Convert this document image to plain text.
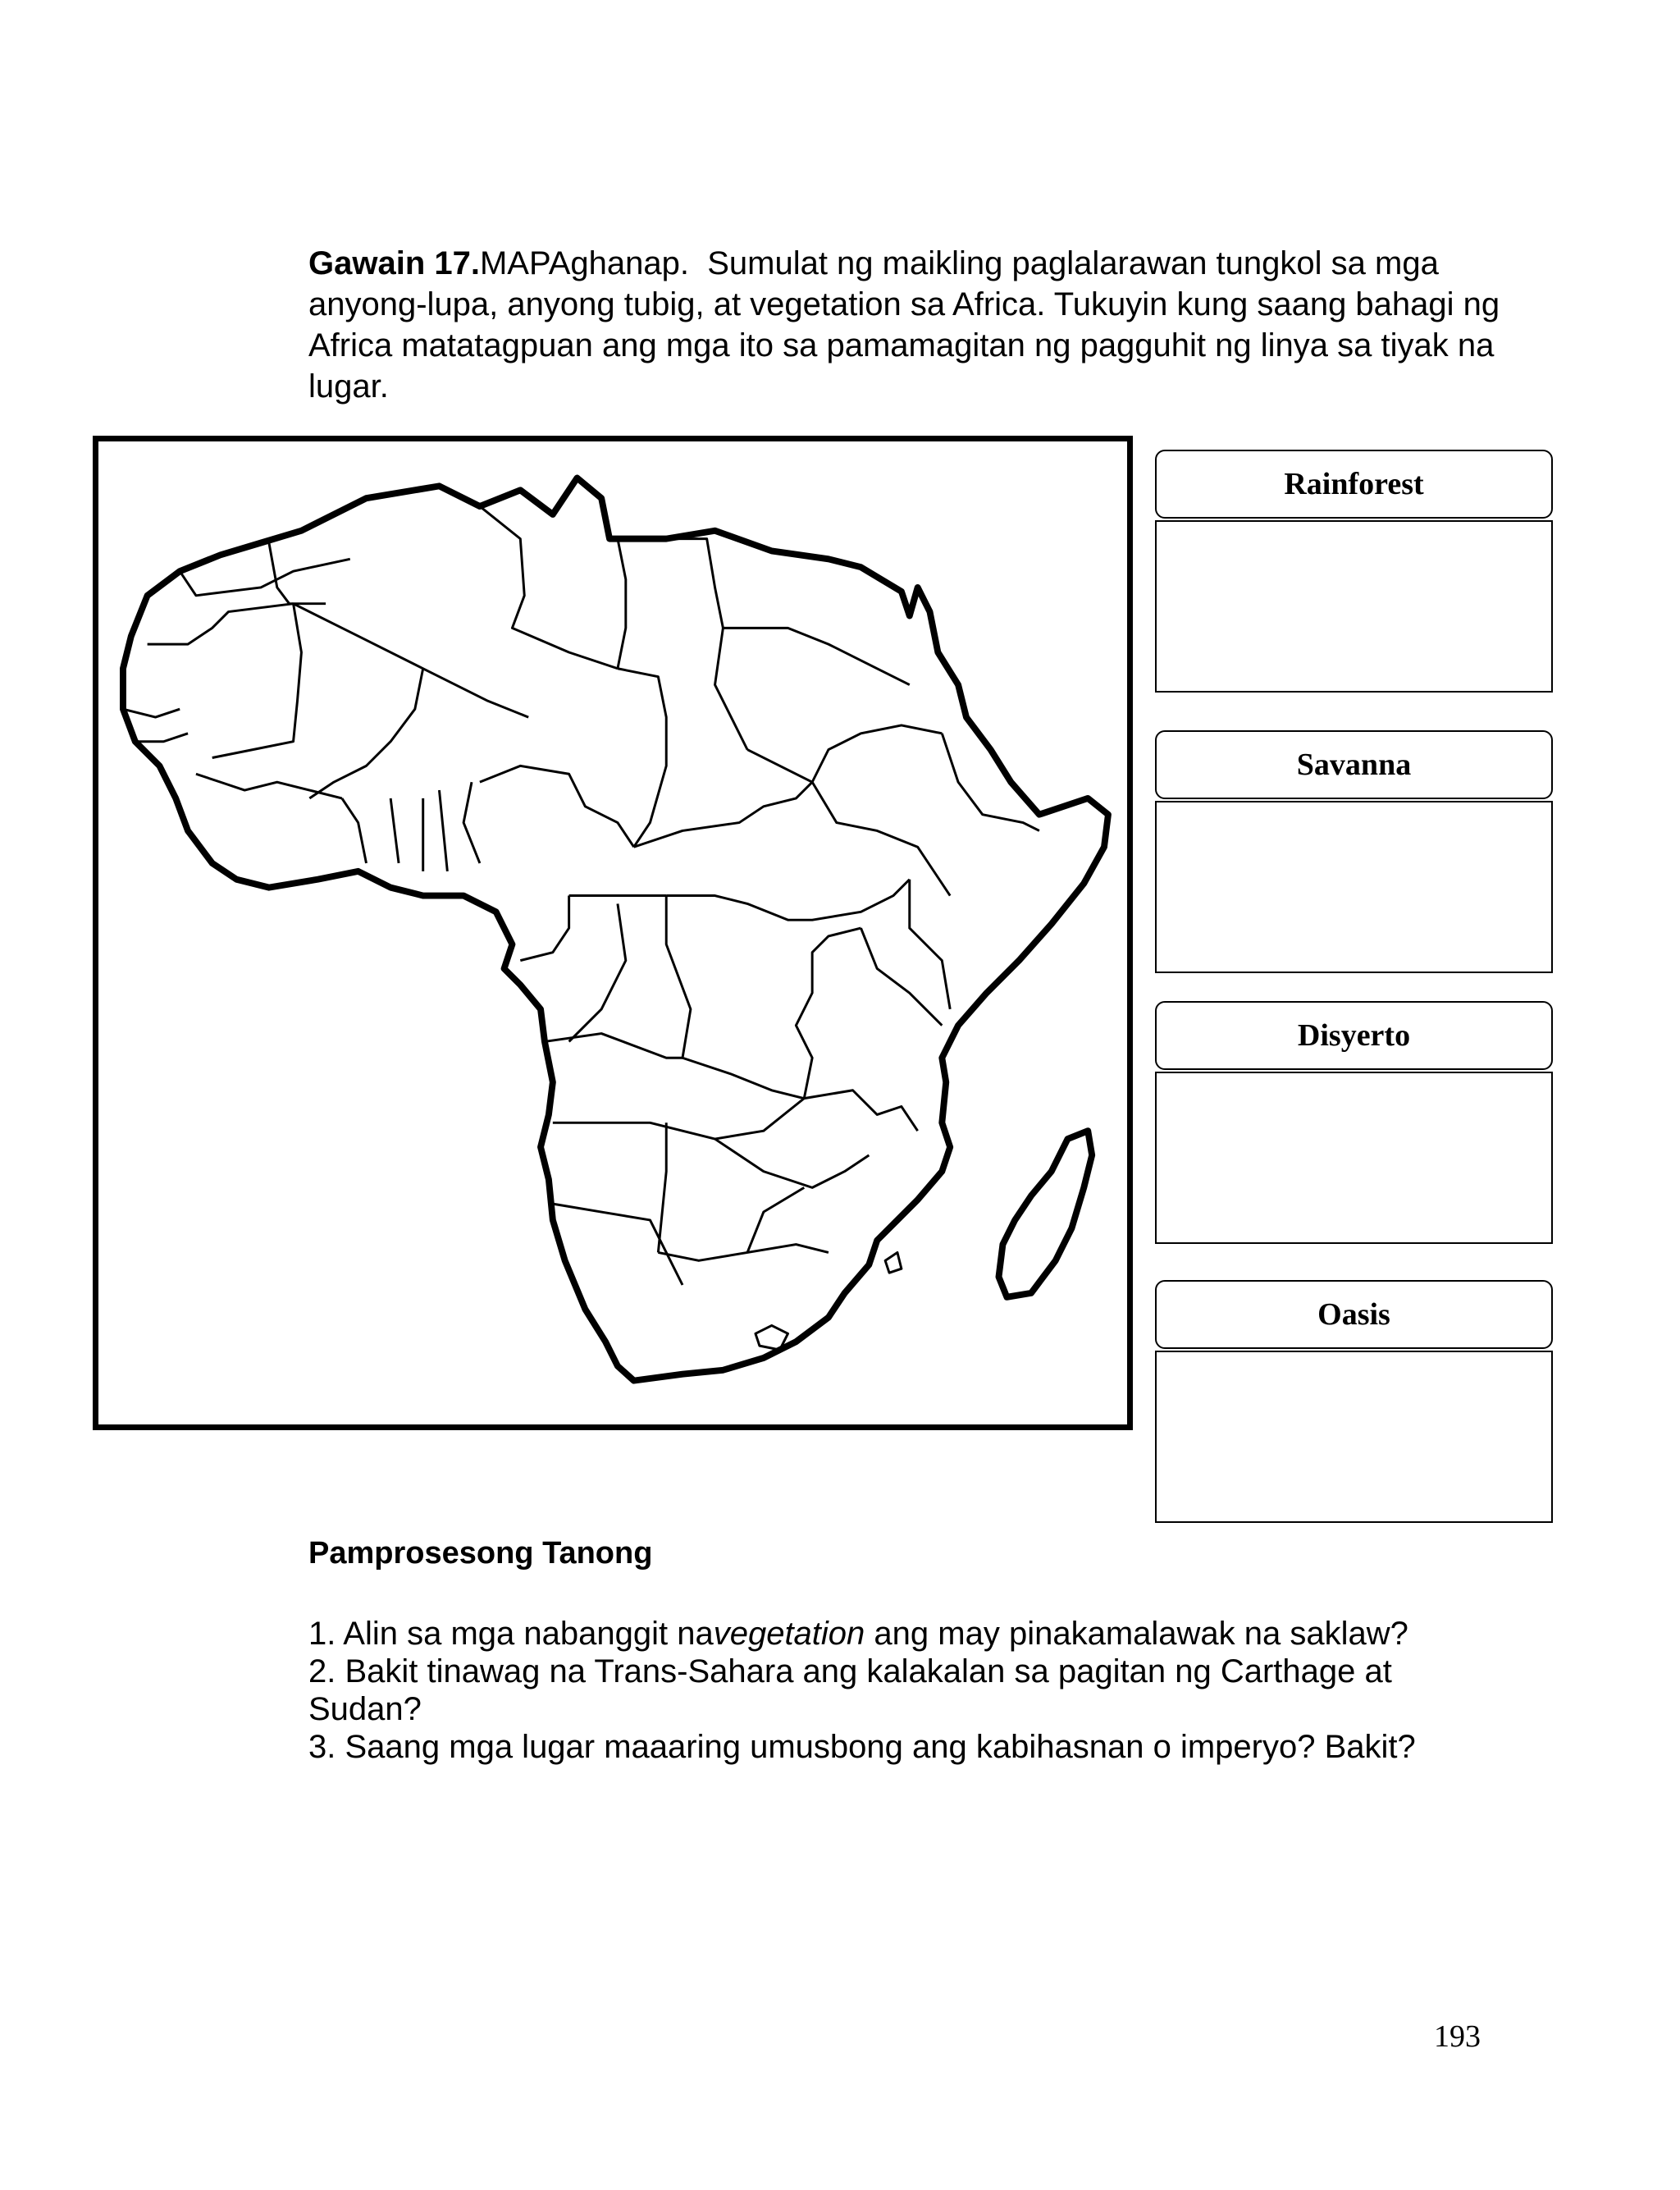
Gawain 17.MAPAghanap. Sumulat ng maikling paglalarawan tungkol sa mga anyong-lupa, anyong tubig, at vegetation sa Africa. Tukuyin kung saang bahagi ng Africa matatagpuan ang mga ito sa pamamagitan ng pagguhit ng linya sa tiyak na lugar.
Rainforest
Savanna
Disyerto
Oasis
Pamprosesong Tanong
1. Alin sa mga nabanggit navegetation ang may pinakamalawak na saklaw?
2. Bakit tinawag na Trans-Sahara ang kalakalan sa pagitan ng Carthage at Sudan?
3. Saang mga lugar maaaring umusbong ang kabihasnan o imperyo? Bakit?
193
